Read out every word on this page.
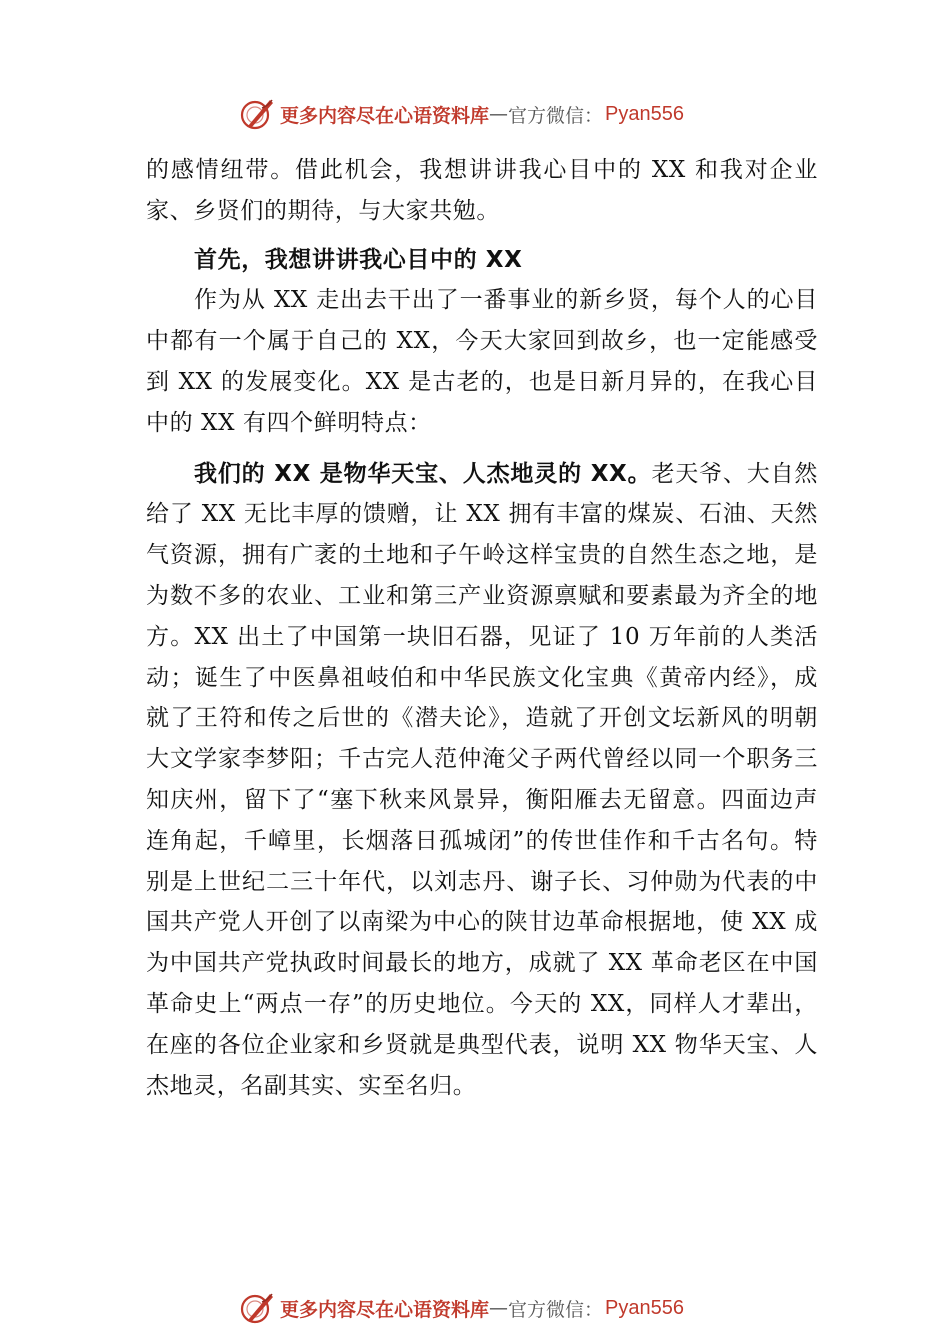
更多内容尽在心语资料库 — 官方微信： Pyan556

的感情纽带。借此机会，我想讲讲我心目中的 XX 和我对企业家、乡贤们的期待，与大家共勉。

首先，我想讲讲我心目中的 XX

作为从 XX 走出去干出了一番事业的新乡贤，每个人的心目中都有一个属于自己的 XX，今天大家回到故乡，也一定能感受到 XX 的发展变化。XX 是古老的，也是日新月异的，在我心目中的 XX 有四个鲜明特点：

我们的 XX 是物华天宝、人杰地灵的 XX。老天爷、大自然给了 XX 无比丰厚的馈赠，让 XX 拥有丰富的煤炭、石油、天然气资源，拥有广袤的土地和子午岭这样宝贵的自然生态之地，是为数不多的农业、工业和第三产业资源禀赋和要素最为齐全的地方。XX 出土了中国第一块旧石器，见证了 10 万年前的人类活动；诞生了中医鼻祖岐伯和中华民族文化宝典《黄帝内经》，成就了王符和传之后世的《潜夫论》，造就了开创文坛新风的明朝大文学家李梦阳；千古完人范仲淹父子两代曾经以同一个职务三知庆州，留下了“塞下秋来风景异，衡阳雁去无留意。四面边声连角起，千嶂里，长烟落日孤城闭”的传世佳作和千古名句。特别是上世纪二三十年代，以刘志丹、谢子长、习仲勋为代表的中国共产党人开创了以南梁为中心的陕甘边革命根据地，使 XX 成为中国共产党执政时间最长的地方，成就了 XX 革命老区在中国革命史上“两点一存”的历史地位。今天的 XX，同样人才辈出， 在座的各位企业家和乡贤就是典型代表，说明 XX 物华天宝、人杰地灵，名副其实、实至名归。

更多内容尽在心语资料库 — 官方微信： Pyan556
